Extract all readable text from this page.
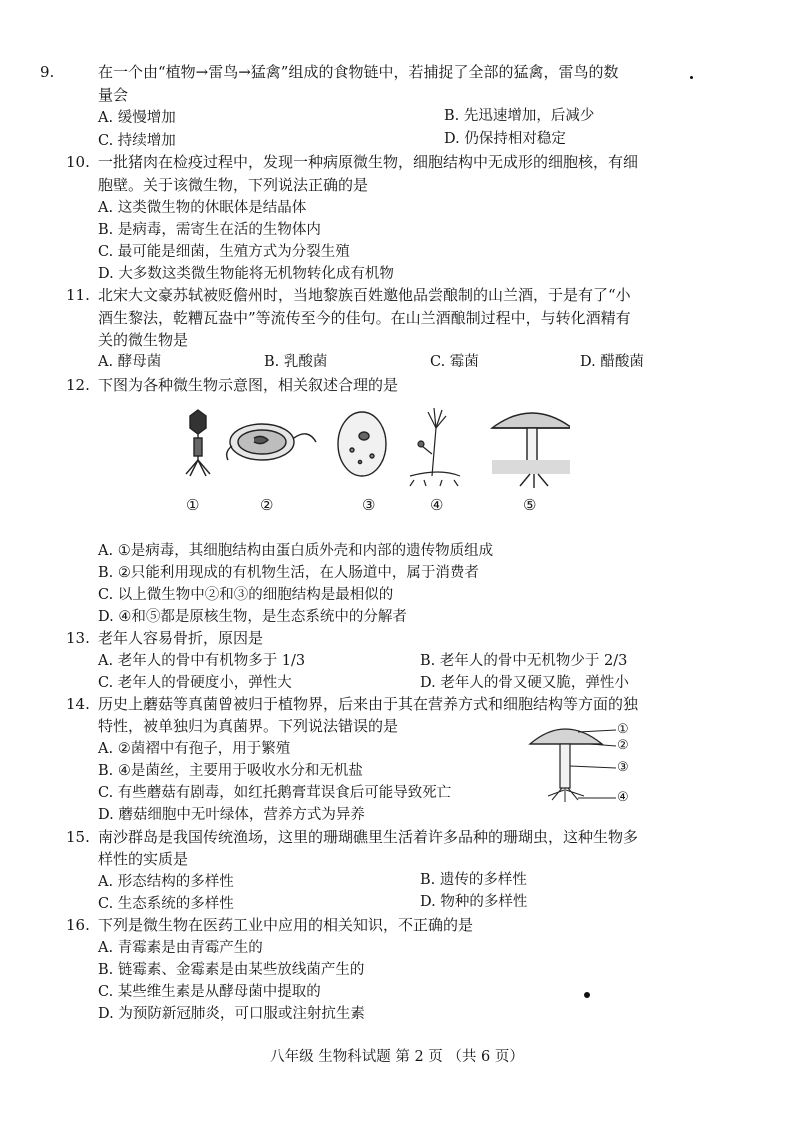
9.	在一个由“植物→雷鸟→猛禽”组成的食物链中，若捕捉了全部的猛禽，雷鸟的数
量会
A. 缓慢增加	B. 先迅速增加，后减少
C. 持续增加	D. 仍保持相对稳定
10. 一批猪肉在检疫过程中，发现一种病原微生物，细胞结构中无成形的细胞核，有细
胞壁。关于该微生物，下列说法正确的是
A. 这类微生物的休眠体是结晶体
B. 是病毒，需寄生在活的生物体内
C. 最可能是细菌，生殖方式为分裂生殖
D. 大多数这类微生物能将无机物转化成有机物
11. 北宋大文豪苏轼被贬儋州时，当地黎族百姓邀他品尝酿制的山兰酒，于是有了“小
酒生黎法，乾糟瓦盎中”等流传至今的佳句。在山兰酒酿制过程中，与转化酒精有
关的微生物是
A. 酵母菌	B. 乳酸菌	C. 霉菌	D. 醋酸菌
12. 下图为各种微生物示意图，相关叙述合理的是
①	②	③	④	⑤
A. ①是病毒，其细胞结构由蛋白质外壳和内部的遗传物质组成
B. ②只能利用现成的有机物生活，在人肠道中，属于消费者
C. 以上微生物中②和③的细胞结构是最相似的
D. ④和⑤都是原核生物，是生态系统中的分解者
13. 老年人容易骨折，原因是
A. 老年人的骨中有机物多于 1/3	B. 老年人的骨中无机物少于 2/3
C. 老年人的骨硬度小，弹性大	D. 老年人的骨又硬又脆，弹性小
14. 历史上蘑菇等真菌曾被归于植物界，后来由于其在营养方式和细胞结构等方面的独
特性，被单独归为真菌界。下列说法错误的是
A. ②菌褶中有孢子，用于繁殖
B. ④是菌丝，主要用于吸收水分和无机盐
C. 有些蘑菇有剧毒，如红托鹅膏茸误食后可能导致死亡
D. 蘑菇细胞中无叶绿体，营养方式为异养
①
②
③
④
15. 南沙群岛是我国传统渔场，这里的珊瑚礁里生活着许多品种的珊瑚虫，这种生物多
样性的实质是
A. 形态结构的多样性	B. 遗传的多样性
C. 生态系统的多样性	D. 物种的多样性
16. 下列是微生物在医药工业中应用的相关知识，不正确的是
A. 青霉素是由青霉产生的
B. 链霉素、金霉素是由某些放线菌产生的
C. 某些维生素是从酵母菌中提取的
D. 为预防新冠肺炎，可口服或注射抗生素
八年级 生物科试题 第 2 页 （共 6 页）
